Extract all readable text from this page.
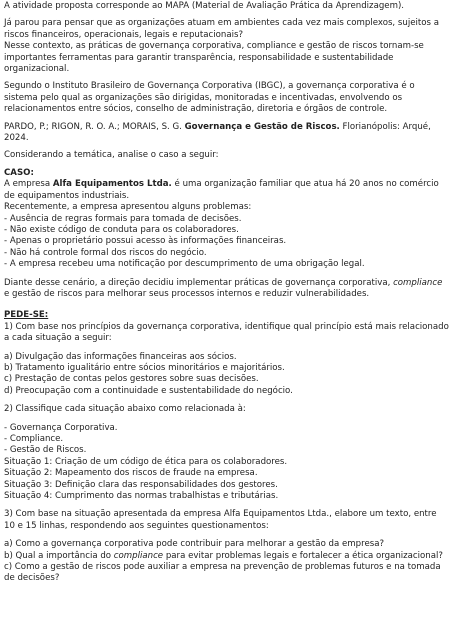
A atividade proposta corresponde ao MAPA (Material de Avaliação Prática da Aprendizagem).

Já parou para pensar que as organizações atuam em ambientes cada vez mais complexos, sujeitos a riscos financeiros, operacionais, legais e reputacionais?
Nesse contexto, as práticas de governança corporativa, compliance e gestão de riscos tornam-se importantes ferramentas para garantir transparência, responsabilidade e sustentabilidade organizacional.

Segundo o Instituto Brasileiro de Governança Corporativa (IBGC), a governança corporativa é o sistema pelo qual as organizações são dirigidas, monitoradas e incentivadas, envolvendo os relacionamentos entre sócios, conselho de administração, diretoria e órgãos de controle.

PARDO, P.; RIGON, R. O. A.; MORAIS, S. G. Governança e Gestão de Riscos. Florianópolis: Arqué, 2024.

Considerando a temática, analise o caso a seguir:

CASO:
A empresa Alfa Equipamentos Ltda. é uma organização familiar que atua há 20 anos no comércio de equipamentos industriais.
Recentemente, a empresa apresentou alguns problemas:
- Ausência de regras formais para tomada de decisões.
- Não existe código de conduta para os colaboradores.
- Apenas o proprietário possui acesso às informações financeiras.
- Não há controle formal dos riscos do negócio.
- A empresa recebeu uma notificação por descumprimento de uma obrigação legal.

Diante desse cenário, a direção decidiu implementar práticas de governança corporativa, compliance e gestão de riscos para melhorar seus processos internos e reduzir vulnerabilidades.

PEDE-SE:
1) Com base nos princípios da governança corporativa, identifique qual princípio está mais relacionado a cada situação a seguir:

a) Divulgação das informações financeiras aos sócios.
b) Tratamento igualitário entre sócios minoritários e majoritários.
c) Prestação de contas pelos gestores sobre suas decisões.
d) Preocupação com a continuidade e sustentabilidade do negócio.

2) Classifique cada situação abaixo como relacionada à:

- Governança Corporativa.
- Compliance.
- Gestão de Riscos.
Situação 1: Criação de um código de ética para os colaboradores.
Situação 2: Mapeamento dos riscos de fraude na empresa.
Situação 3: Definição clara das responsabilidades dos gestores.
Situação 4: Cumprimento das normas trabalhistas e tributárias.

3) Com base na situação apresentada da empresa Alfa Equipamentos Ltda., elabore um texto, entre 10 e 15 linhas, respondendo aos seguintes questionamentos:

a) Como a governança corporativa pode contribuir para melhorar a gestão da empresa?
b) Qual a importância do compliance para evitar problemas legais e fortalecer a ética organizacional?
c) Como a gestão de riscos pode auxiliar a empresa na prevenção de problemas futuros e na tomada de decisões?
